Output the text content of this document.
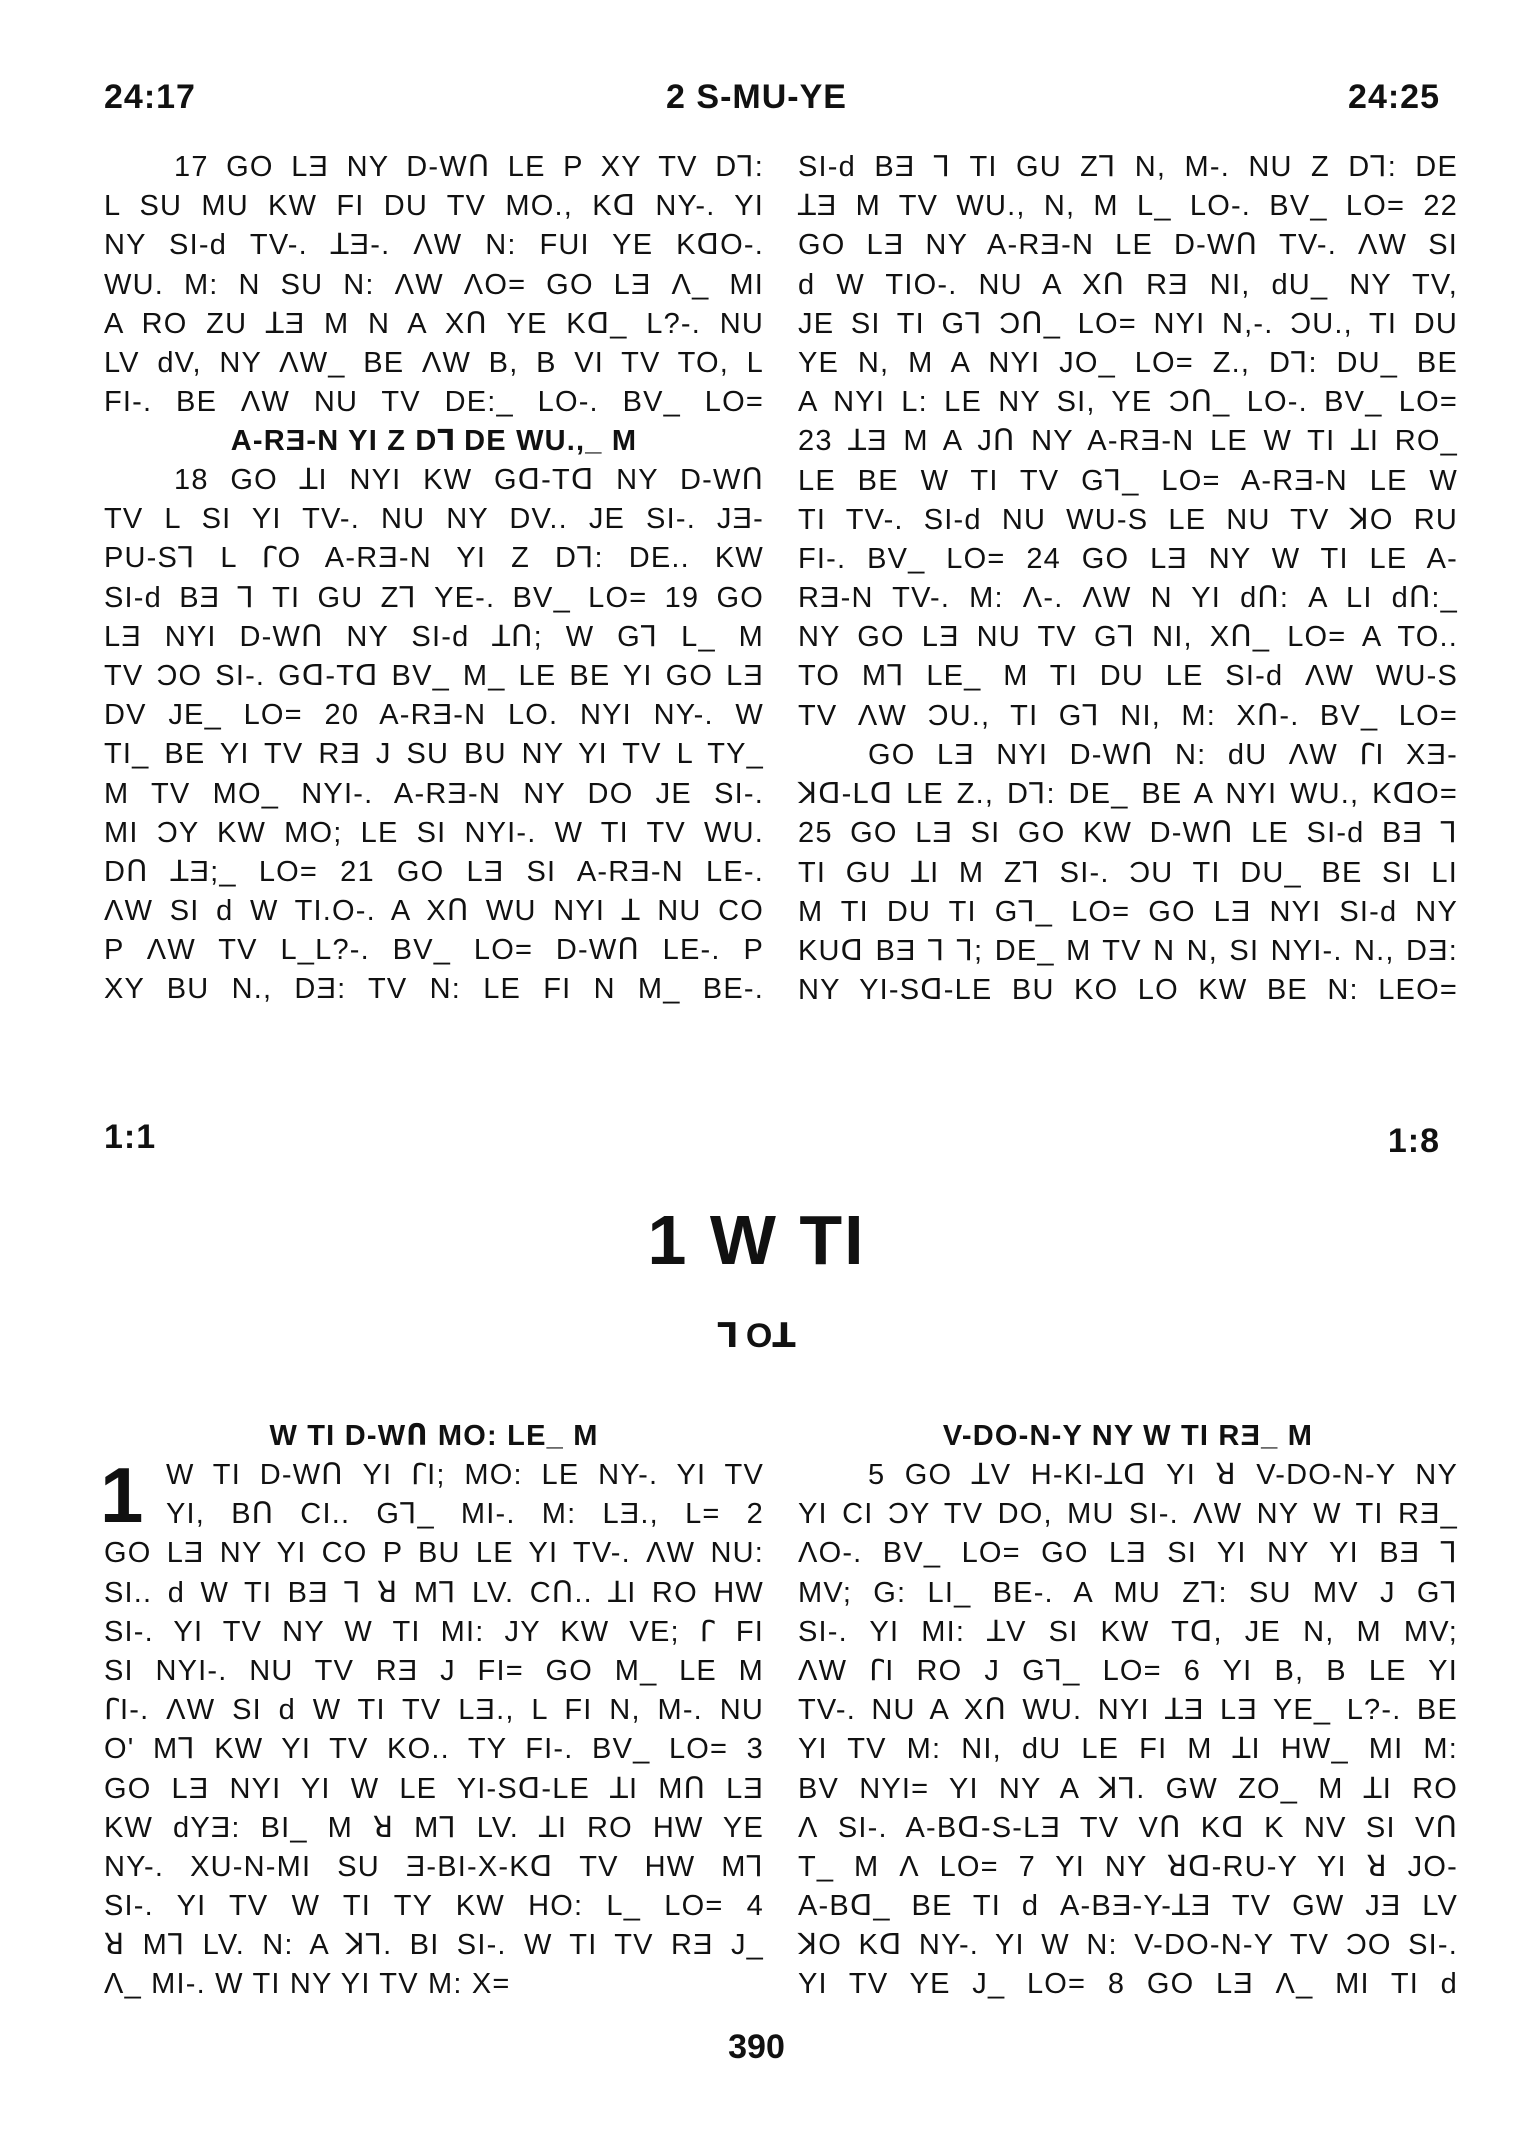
24:17	2 S-MU-YE	24:25
17 GO LƎ NY D-WՈ LE P XY TV Dꓶ:
L SU MU KW FI DU TV MO., Kꓷ NY-. YI
NY SI-ԁ TV-. ꓕƎ-. ɅW N: FUI YE KꓷO-.
WU. M: N SU N: ɅW ɅO= GO LƎ Ʌ_ MI
A RO ZU ꓕƎ M N A XՈ YE Kꓷ_ L?-. NU
LV ԁV, NY ɅW_ BE ɅW B, B VI TV TO, L
FI-. BE ɅW NU TV DE:_ LO-. BV_ LO=
A-RƎ-N YI Z Dꓶ DE WU.,_ M
18 GO ꓕI NYI KW Gꓷ-Tꓷ NY D-WՈ
TV L SI YI TV-. NU NY DV.. JE SI-. JƎ-
PU-Sꓶ L ꓩO A-RƎ-N YI Z Dꓶ: DE.. KW
SI-ԁ BƎ ꓶ TI GU Zꓶ YE-. BV_ LO= 19 GO
LƎ NYI D-WՈ NY SI-ԁ ꓕՈ; W Gꓶ L_ M
TV ƆO SI-. Gꓷ-Tꓷ BV_ M_ LE BE YI GO LƎ
DV JE_ LO= 20 A-RƎ-N LO. NYI NY-. W
TI_ BE YI TV RƎ J SU BU NY YI TV L TY_
M TV MO_ NYI-. A-RƎ-N NY DO JE SI-.
MI ƆY KW MO; LE SI NYI-. W TI TV WU.
DՈ ꓕƎ;_ LO= 21 GO LƎ SI A-RƎ-N LE-.
ɅW SI ԁ W TI.O-. A XՈ WU NYI ꓕ NU CO
P ɅW TV L_L?-. BV_ LO= D-WՈ LE-. P
XY BU N., DƎ: TV N: LE FI N M_ BE-.
SI-ԁ BƎ ꓶ TI GU Zꓶ N, M-. NU Z Dꓶ: DE
ꓕƎ M TV WU., N, M L_ LO-. BV_ LO= 22
GO LƎ NY A-RƎ-N LE D-WՈ TV-. ɅW SI
ԁ W TIO-. NU A XՈ RƎ NI, ԁU_ NY TV,
JE SI TI Gꓶ ƆՈ_ LO= NYI N,-. ƆU., TI DU
YE N, M A NYI JO_ LO= Z., Dꓶ: DU_ BE
A NYI L: LE NY SI, YE ƆՈ_ LO-. BV_ LO=
23 ꓕƎ M A JՈ NY A-RƎ-N LE W TI ꓕI RO_
LE BE W TI TV Gꓶ_ LO= A-RƎ-N LE W
TI TV-. SI-ԁ NU WU-S LE NU TV ꓘO RU
FI-. BV_ LO= 24 GO LƎ NY W TI LE A-
RƎ-N TV-. M: Ʌ-. ɅW N YI ԁՈ: A LI ԁՈ:_
NY GO LƎ NU TV Gꓶ NI, XՈ_ LO= A TO..
TO Mꓶ LE_ M TI DU LE SI-ԁ ɅW WU-S
TV ɅW ƆU., TI Gꓶ NI, M: XՈ-. BV_ LO=
GO LƎ NYI D-WՈ N: ԁU ɅW ꓩI XƎ-
ꓘꓷ-Lꓷ LE Z., Dꓶ: DE_ BE A NYI WU., KꓷO=
25 GO LƎ SI GO KW D-WՈ LE SI-ԁ BƎ ꓶ
TI GU ꓕI M Zꓶ SI-. ƆU TI DU_ BE SI LI
M TI DU TI Gꓶ_ LO= GO LƎ NYI SI-ԁ NY
KUꓷ BƎ ꓶ ꓶ; DE_ M TV N N, SI NYI-. N., DƎ:
NY YI-Sꓷ-LE BU KO LO KW BE N: LEO=
1:1	1:8
1 W TI
ꓶ Oꓕ
W TI D-WՈ MO: LE_ M
1 W TI D-WՈ YI ꓩI; MO: LE NY-. YI TV
YI, BՈ CI.. Gꓶ_ MI-. M: LƎ., L= 2
GO LƎ NY YI CO P BU LE YI TV-. ɅW NU:
SI.. ԁ W TI BƎ ꓶ ꓤ Mꓶ LV. CՈ.. ꓕI RO HW
SI-. YI TV NY W TI MI: JY KW VE; ꓩ FI
SI NYI-. NU TV RƎ J FI= GO M_ LE M
ꓩI-. ɅW SI ԁ W TI TV LƎ., L FI N, M-. NU
O' Mꓶ KW YI TV KO.. TY FI-. BV_ LO= 3
GO LƎ NYI YI W LE YI-Sꓷ-LE ꓕI MՈ LƎ
KW ԁYƎ: BI_ M ꓤ Mꓶ LV. ꓕI RO HW YE
NY-. XU-N-MI SU Ǝ-BI-X-Kꓷ TV HW Mꓶ
SI-. YI TV W TI TY KW HO: L_ LO= 4
ꓤ Mꓶ LV. N: A ꓘꓶ. BI SI-. W TI TV RƎ J_
Ʌ_ MI-. W TI NY YI TV M: X=
V-DO-N-Y NY W TI RƎ_ M
5 GO ꓕV H-KI-ꓕꓷ YI ꓤ V-DO-N-Y NY
YI CI ƆY TV DO, MU SI-. ɅW NY W TI RƎ_
ɅO-. BV_ LO= GO LƎ SI YI NY YI BƎ ꓶ
MV; G: LI_ BE-. A MU Zꓶ: SU MV J Gꓶ
SI-. YI MI: ꓕV SI KW Tꓷ, JE N, M MV;
ɅW ꓩI RO J Gꓶ_ LO= 6 YI B, B LE YI
TV-. NU A XՈ WU. NYI ꓕƎ LƎ YE_ L?-. BE
YI TV M: NI, ԁU LE FI M ꓕI HW_ MI M:
BV NYI= YI NY A ꓘꓶ. GW ZO_ M ꓕI RO
Ʌ SI-. A-Bꓷ-S-LƎ TV VՈ Kꓷ K NV SI VՈ
T_ M Ʌ LO= 7 YI NY ꓤꓷ-RU-Y YI ꓤ JO-
A-Bꓷ_ BE TI ԁ A-BƎ-Y-ꓕƎ TV GW JƎ LV
ꓘO Kꓷ NY-. YI W N: V-DO-N-Y TV ƆO SI-.
YI TV YE J_ LO= 8 GO LƎ Ʌ_ MI TI ԁ
390
